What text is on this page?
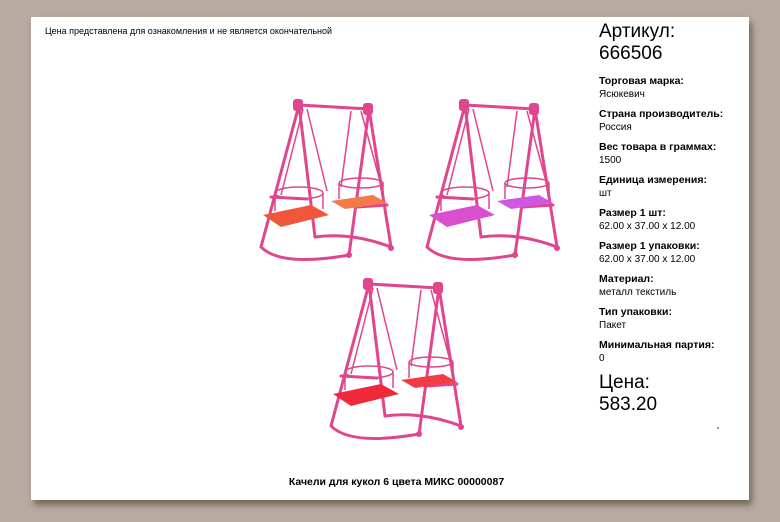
Цена представлена для ознакомления и не является окончательной	Артикул:
666506
Торговая марка:
Ясюкевич
Страна производитель:
Россия
Вес товара в граммах:
1500
Единица измерения:
шт
Размер 1 шт:
62.00 x 37.00 x 12.00
Размер 1 упаковки:
62.00 x 37.00 x 12.00
Материал:
металл текстиль
Тип упаковки:
Пакет
Минимальная партия:
0
Цена:
583.20
Качели для кукол 6 цвета МИКС 00000087
